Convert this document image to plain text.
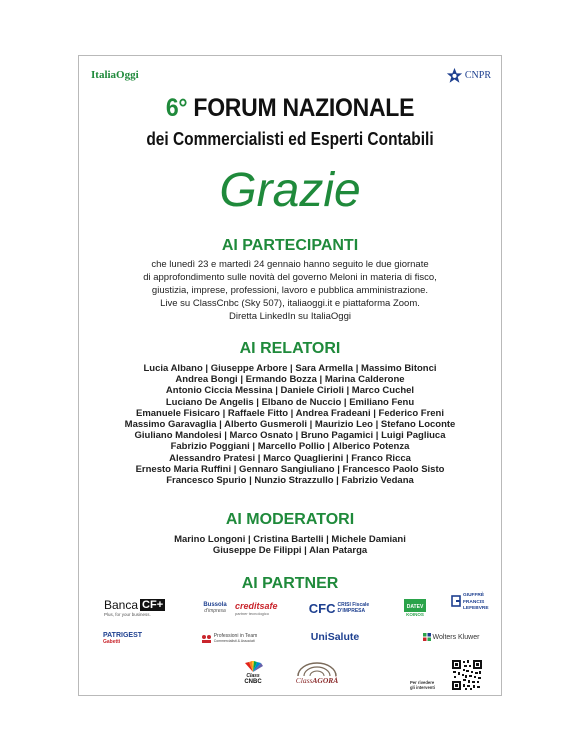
ItaliaOggi	CNPR
6° FORUM NAZIONALE
dei Commercialisti ed Esperti Contabili
Grazie
AI PARTECIPANTI
che lunedì 23 e martedì 24 gennaio hanno seguito le due giornate
di approfondimento sulle novità del governo Meloni in materia di fisco,
giustizia, imprese, professioni, lavoro e pubblica amministrazione.
Live su ClassCnbc (Sky 507), italiaoggi.it e piattaforma Zoom.
Diretta LinkedIn su ItaliaOggi
AI RELATORI
Lucia Albano | Giuseppe Arbore | Sara Armella | Massimo Bitonci
Andrea Bongi | Ermando Bozza | Marina Calderone
Antonio Ciccia Messina | Daniele Cirioli | Marco Cuchel
Luciano De Angelis | Elbano de Nuccio | Emiliano Fenu
Emanuele Fisicaro | Raffaele Fitto | Andrea Fradeani | Federico Freni
Massimo Garavaglia | Alberto Gusmeroli | Maurizio Leo | Stefano Loconte
Giuliano Mandolesi | Marco Osnato | Bruno Pagamici | Luigi Pagliuca
Fabrizio Poggiani | Marcello Pollio | Alberico Potenza
Alessandro Pratesi | Marco Quaglierini | Franco Ricca
Ernesto Maria Ruffini | Gennaro Sangiuliano | Francesco Paolo Sisto
Francesco Spurio | Nunzio Strazzullo | Fabrizio Vedana
AI MODERATORI
Marino Longoni | Cristina Bartelli | Michele Damiani
Giuseppe De Filippi | Alan Patarga
AI PARTNER
Banca CF+
Plus, for your business.
Bussola
d'impresa
creditsafe
partner tecnologico	CFC CRISI Fiscale
D'IMPRESA
DATEV
KOINOS
GIUFFRÈ
FRANCIS
LEFEBVRE
PATRIGEST
Gabetti
Professioni in Team
Commercialisti & Associati	UniSalute	Wolters Kluwer
Class
CNBC	ClassAGORÀ	Per rivedere
gli interventi
